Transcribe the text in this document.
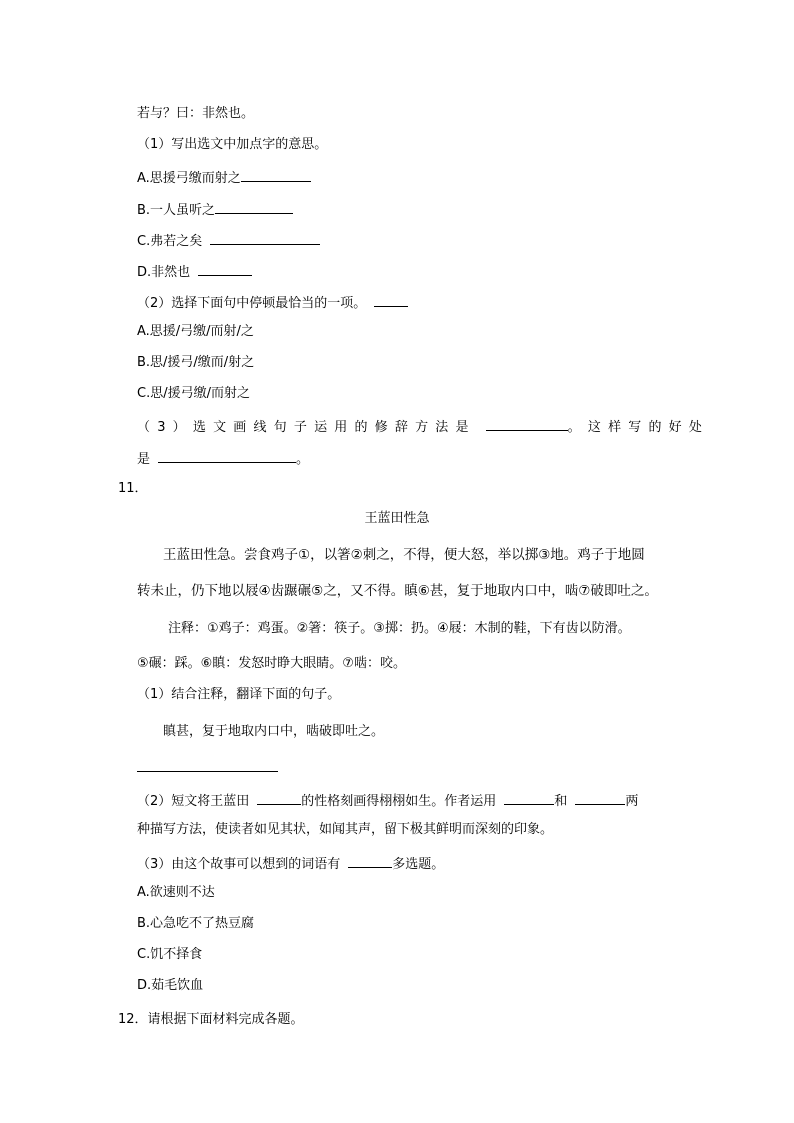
若与？曰：非然也。
（1）写出选文中加点字的意思。
A.思援弓缴而射之
B.一人虽听之
C.弗若之矣
D.非然也
（2）选择下面句中停顿最恰当的一项。
A.思援/弓缴/而射/之
B.思/援弓/缴而/射之
C.思/援弓缴/而射之
（3）选文画线句子运用的修辞方法是	。这样写的好处
是	。
11．
王蓝田性急
王蓝田性急。尝食鸡子①，以箸②刺之，不得，便大怒，举以掷③地。鸡子于地圆
转未止，仍下地以屐④齿蹍碾⑤之，又不得。瞋⑥甚，复于地取内口中，啮⑦破即吐之。
注释：①鸡子：鸡蛋。②箸：筷子。③掷：扔。④屐：木制的鞋，下有齿以防滑。
⑤碾：踩。⑥瞋：发怒时睁大眼睛。⑦啮：咬。
（1）结合注释，翻译下面的句子。
瞋甚，复于地取内口中，啮破即吐之。
（2）短文将王蓝田	的性格刻画得栩栩如生。作者运用	和	两
种描写方法，使读者如见其状，如闻其声，留下极其鲜明而深刻的印象。
（3）由这个故事可以想到的词语有	多选题。
A.欲速则不达
B.心急吃不了热豆腐
C.饥不择食
D.茹毛饮血
12．请根据下面材料完成各题。
